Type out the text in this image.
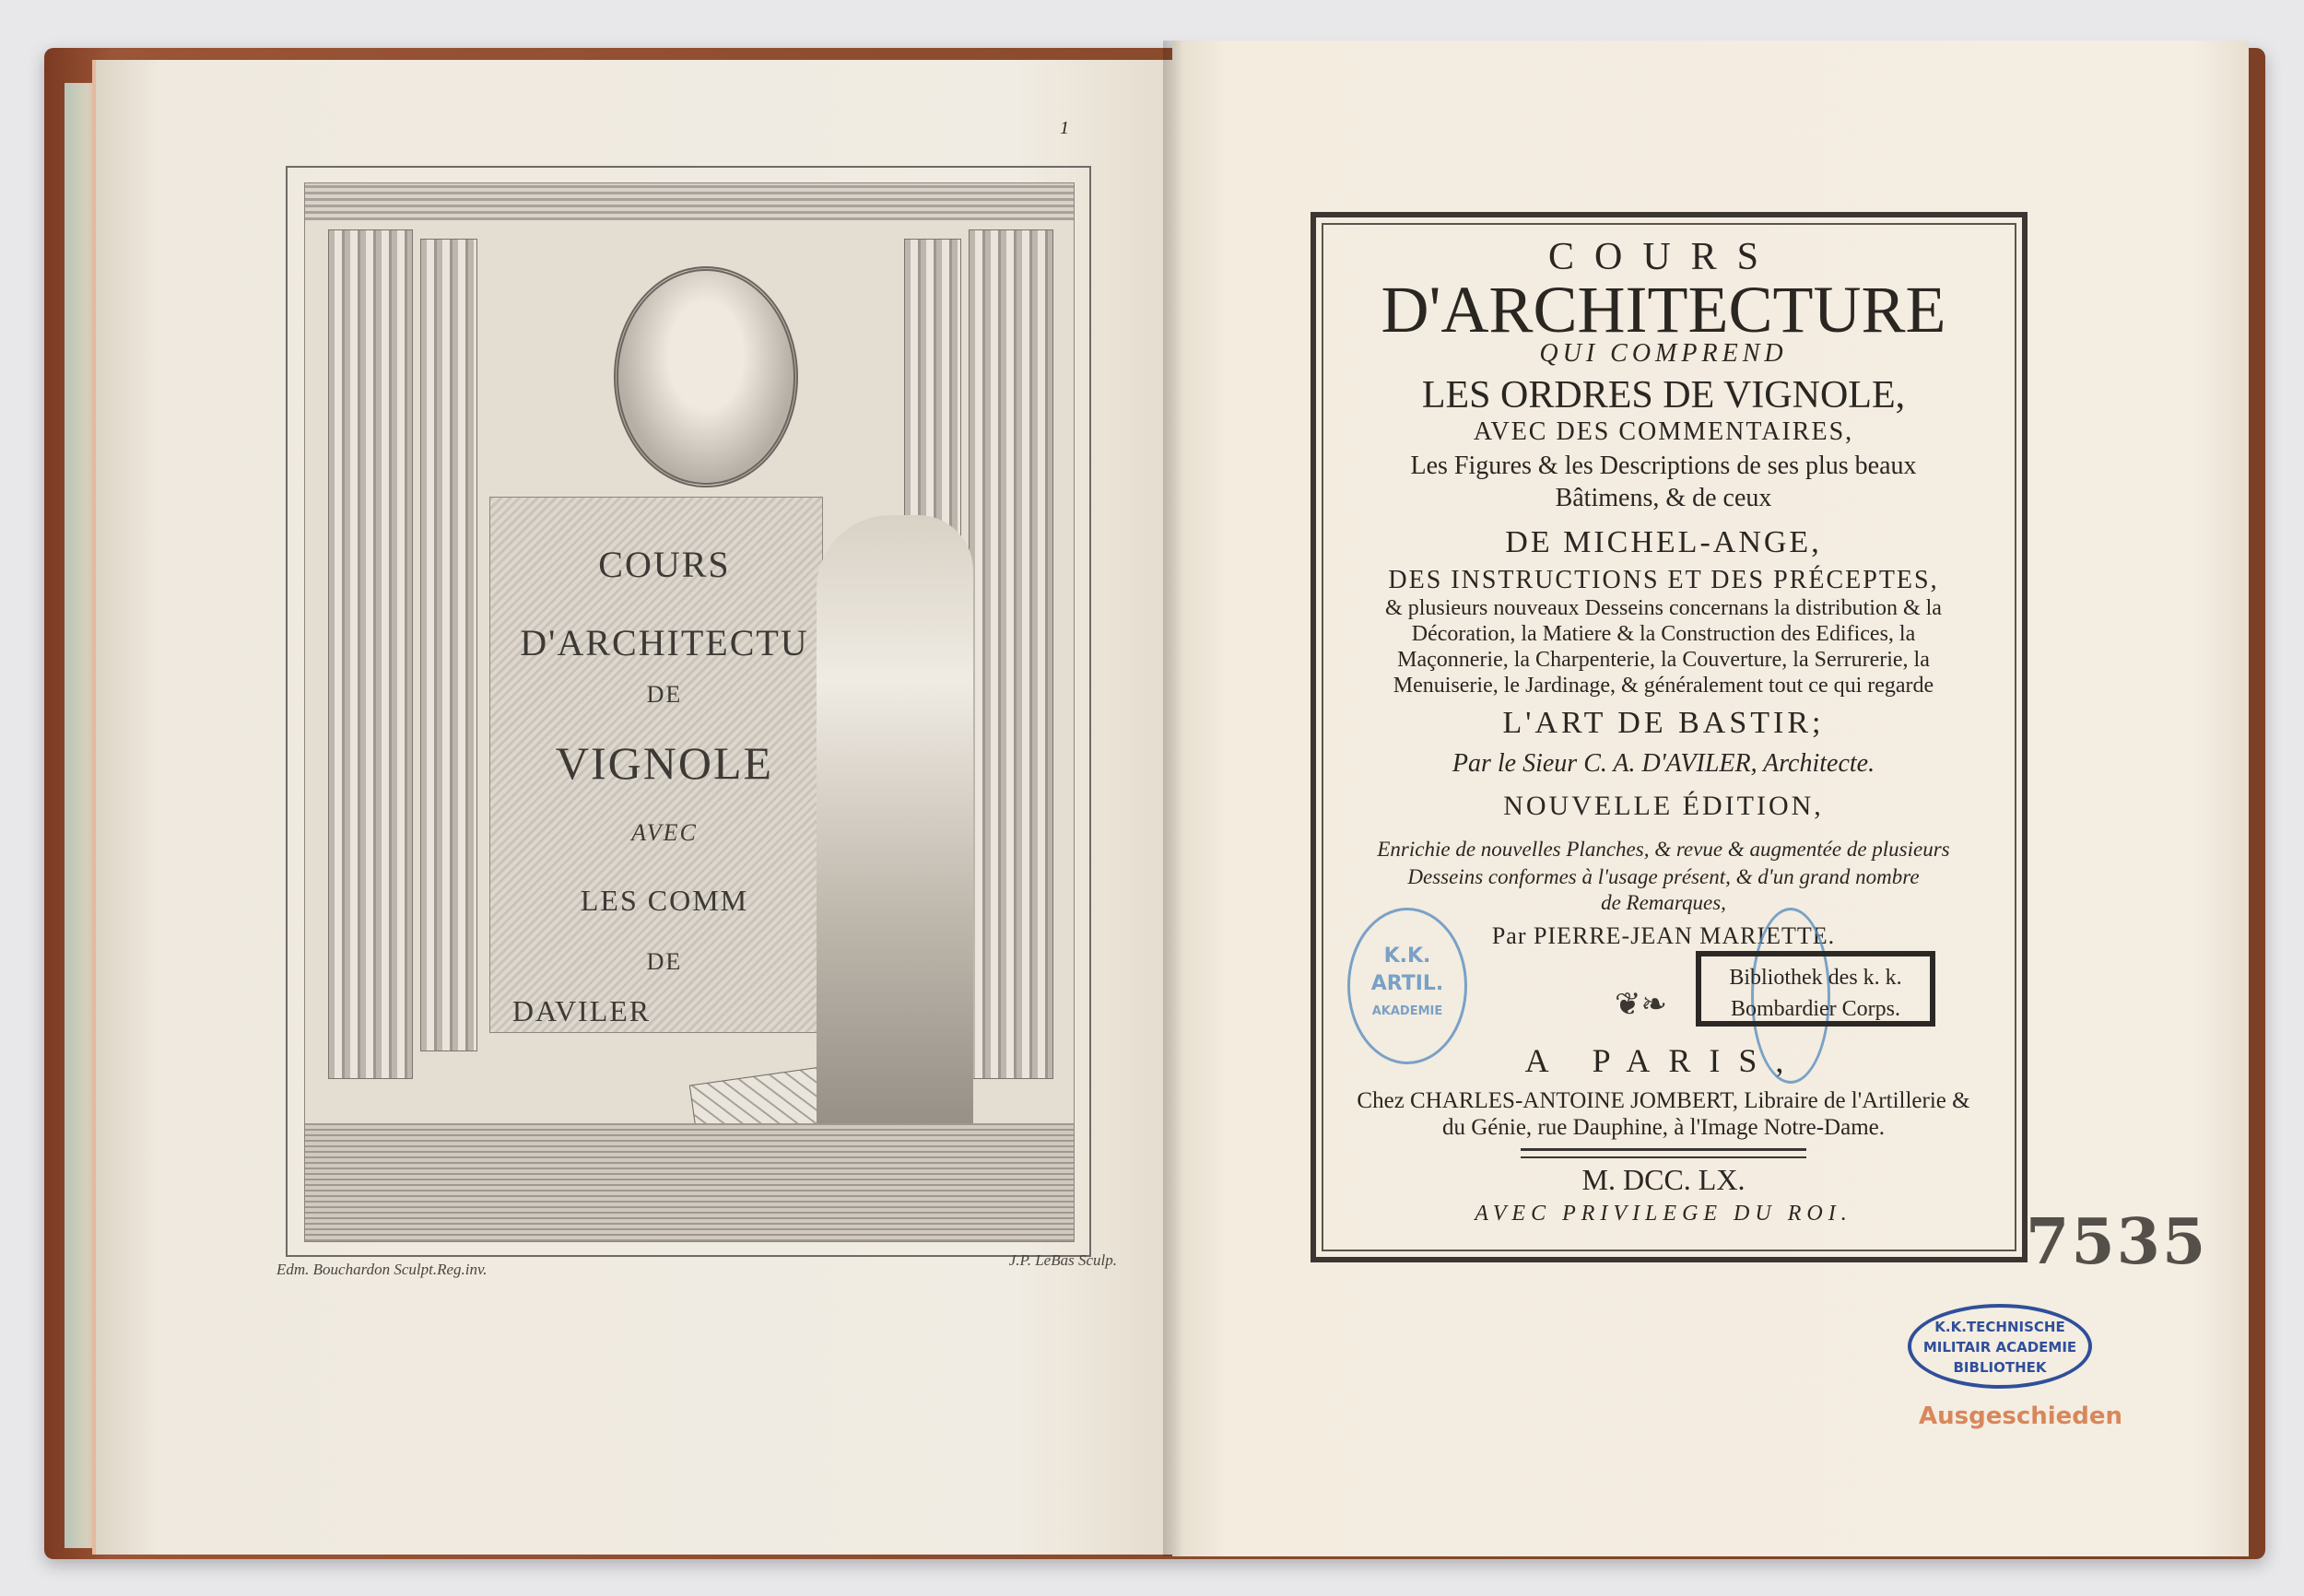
1
COURS
D'ARCHITECTU
DE
VIGNOLE
AVEC
LES COMM
DE
DAVILER
Edm. Bouchardon Sculpt.Reg.inv.
J.P. LeBas Sculp.
COURS
D'ARCHITECTURE
QUI COMPREND
LES ORDRES DE VIGNOLE,
AVEC DES COMMENTAIRES,
Les Figures & les Descriptions de ses plus beaux
Bâtimens, & de ceux
DE MICHEL-ANGE,
DES INSTRUCTIONS ET DES PRÉCEPTES,
& plusieurs nouveaux Desseins concernans la distribution & la
Décoration, la Matiere & la Construction des Edifices, la
Maçonnerie, la Charpenterie, la Couverture, la Serrurerie, la
Menuiserie, le Jardinage, & généralement tout ce qui regarde
L'ART DE BASTIR;
Par le Sieur C. A. D'AVILER, Architecte.
NOUVELLE ÉDITION,
Enrichie de nouvelles Planches, & revue & augmentée de plusieurs
Desseins conformes à l'usage présent, & d'un grand nombre
de Remarques,
Par PIERRE-JEAN MARIETTE.
❦❧
A PARIS,
Chez CHARLES-ANTOINE JOMBERT, Libraire de l'Artillerie &
du Génie, rue Dauphine, à l'Image Notre-Dame.
M. DCC. LX.
AVEC PRIVILEGE DU ROI.
K.K.
ARTIL.
AKADEMIE
Bibliothek des k. k.
Bombardier Corps.
7535
K.K.TECHNISCHE
MILITAIR ACADEMIE
BIBLIOTHEK
Ausgeschieden
